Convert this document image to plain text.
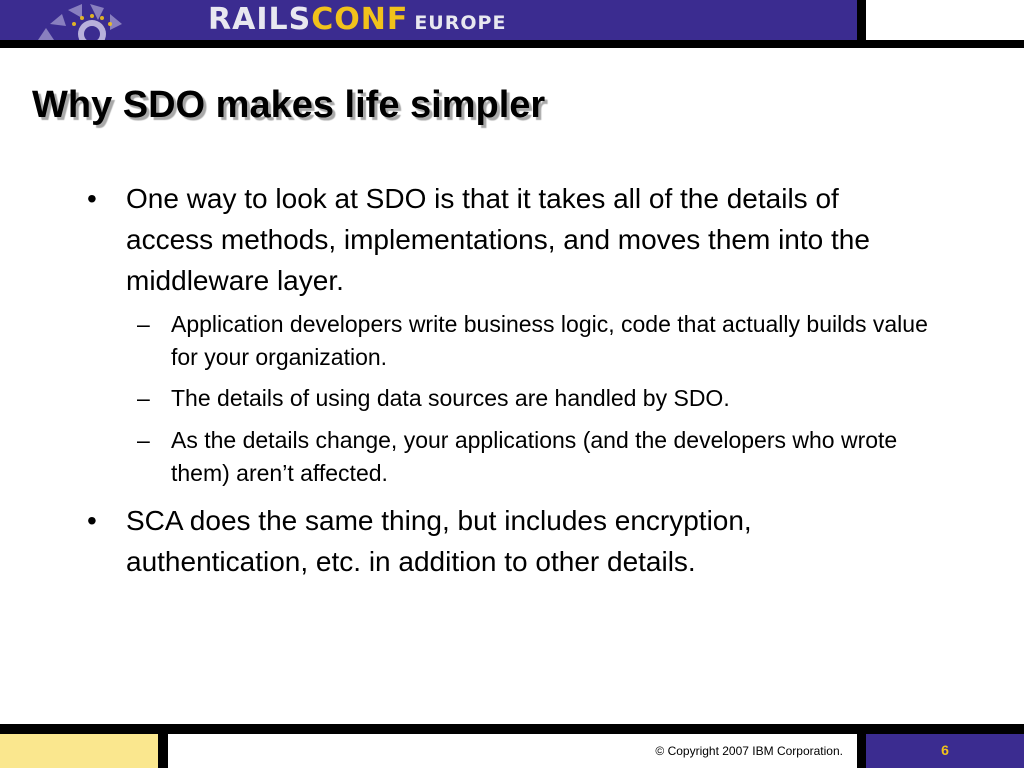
RAILSCONF EUROPE
Why SDO makes life simpler
• One way to look at SDO is that it takes all of the details of access methods, implementations, and moves them into the middleware layer.
– Application developers write business logic, code that actually builds value for your organization.
– The details of using data sources are handled by SDO.
– As the details change, your applications (and the developers who wrote them) aren’t affected.
• SCA does the same thing, but includes encryption, authentication, etc. in addition to other details.
© Copyright 2007 IBM Corporation.	6
